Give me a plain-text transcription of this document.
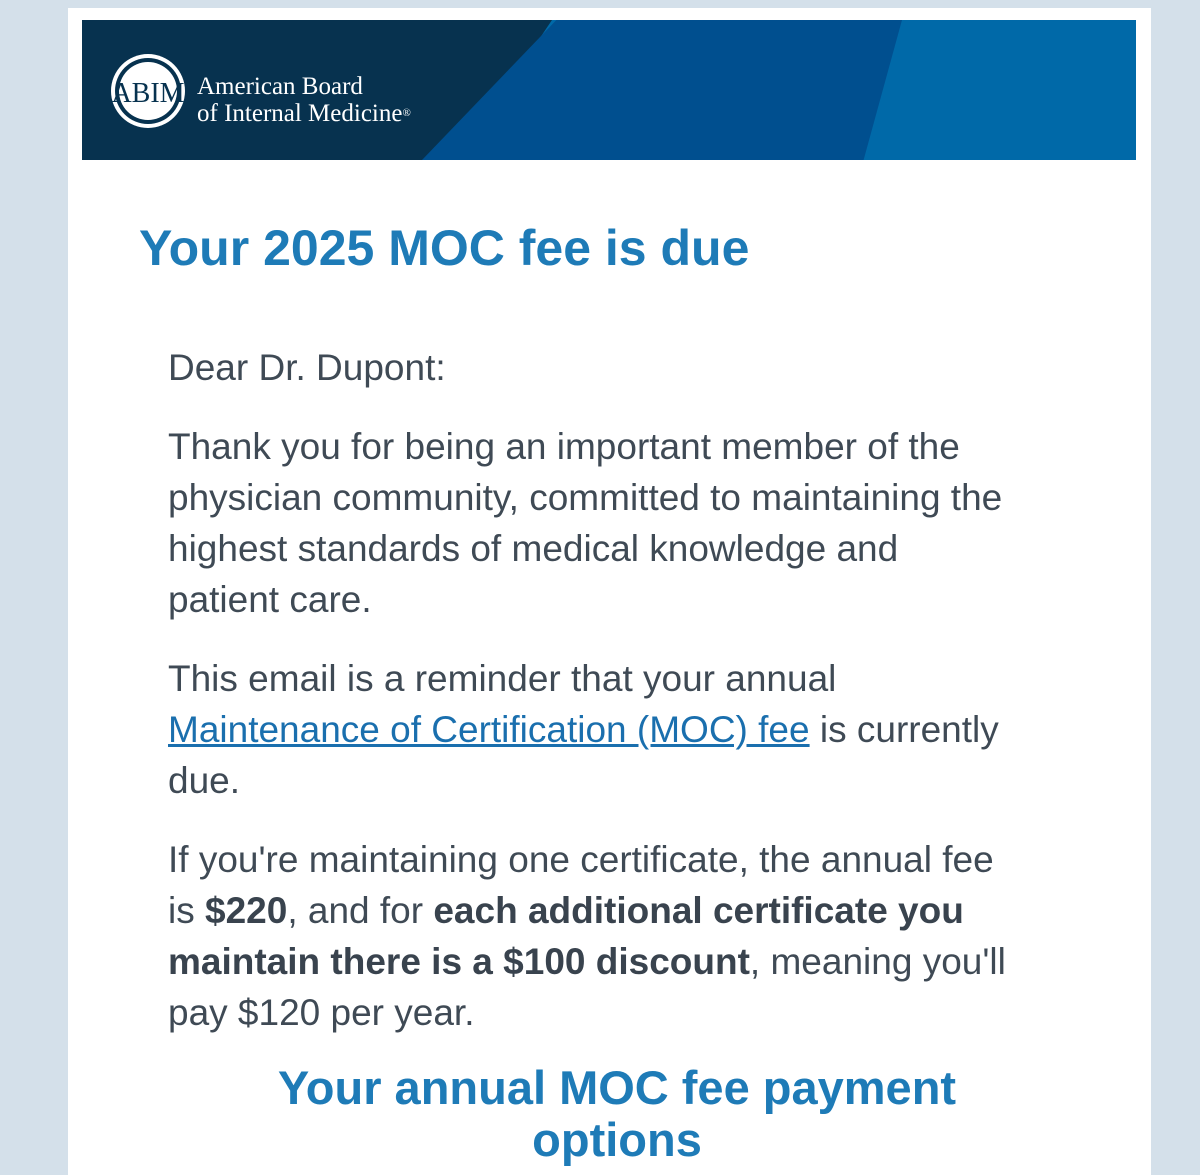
ABIM American Board
of Internal Medicine®
Your 2025 MOC fee is due

Dear Dr. Dupont:

Thank you for being an important member of the physician community, committed to maintaining the highest standards of medical knowledge and patient care.

This email is a reminder that your annual Maintenance of Certification (MOC) fee is currently due.

If you're maintaining one certificate, the annual fee is $220, and for each additional certificate you maintain there is a $100 discount, meaning you'll pay $120 per year.

Your annual MOC fee payment options
